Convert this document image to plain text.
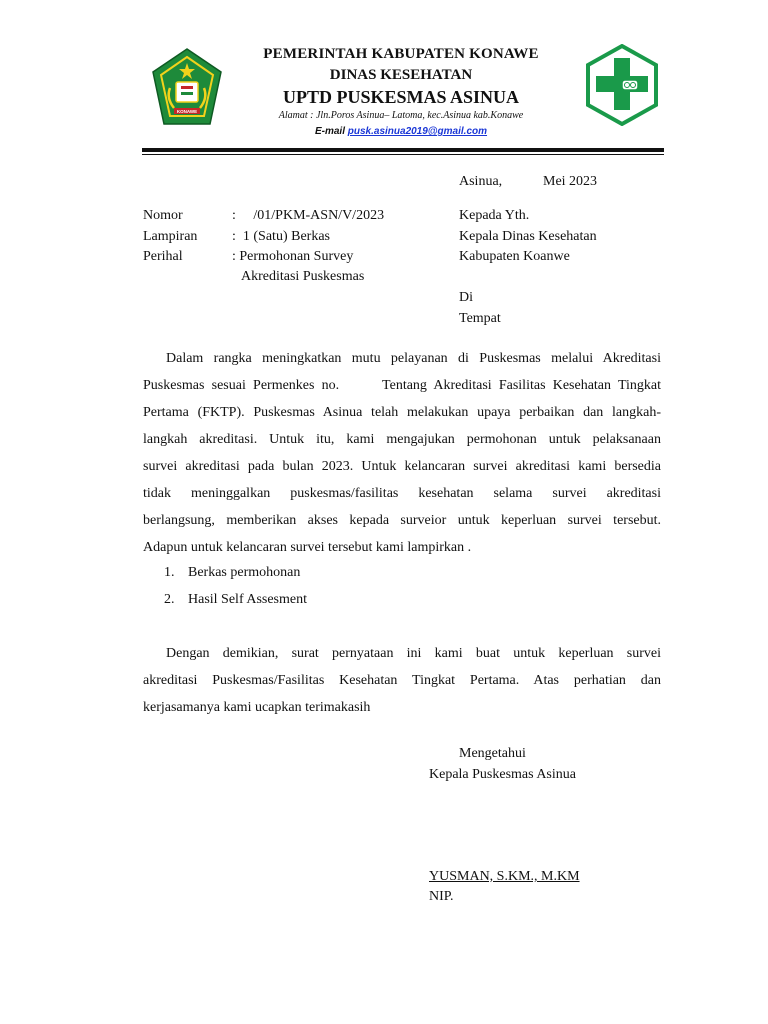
KONAWE
PEMERINTAH KABUPATEN KONAWE
DINAS KESEHATAN
UPTD PUSKESMAS ASINUA
Alamat : Jln.Poros Asinua– Latoma, kec.Asinua kab.Konawe
E-mail pusk.asinua2019@gmail.com
Asinua,	Mei 2023
Nomor	:     /01/PKM-ASN/V/2023
Lampiran :  1 (Satu) Berkas
Perihal	: Permohonan Survey
Akreditasi Puskesmas
Kepada Yth.
Kepala Dinas Kesehatan
Kabupaten Koanwe
Di
Tempat
Dalam rangka meningkatkan mutu pelayanan di Puskesmas melalui Akreditasi
Puskesmas sesuai Permenkes no.      Tentang Akreditasi Fasilitas Kesehatan Tingkat
Pertama (FKTP). Puskesmas Asinua telah melakukan upaya perbaikan dan langkah-
langkah akreditasi. Untuk itu, kami mengajukan permohonan untuk pelaksanaan
survei akreditasi pada bulan 2023. Untuk kelancaran survei akreditasi kami bersedia
tidak meninggalkan puskesmas/fasilitas kesehatan selama survei akreditasi
berlangsung, memberikan akses kepada surveior untuk keperluan survei tersebut.
Adapun untuk kelancaran survei tersebut kami lampirkan .
1. Berkas permohonan
2. Hasil Self Assesment
Dengan demikian, surat pernyataan ini kami buat untuk keperluan survei
akreditasi Puskesmas/Fasilitas Kesehatan Tingkat Pertama. Atas perhatian dan
kerjasamanya kami ucapkan terimakasih
Mengetahui
Kepala Puskesmas Asinua
YUSMAN, S.KM., M.KM
NIP.
